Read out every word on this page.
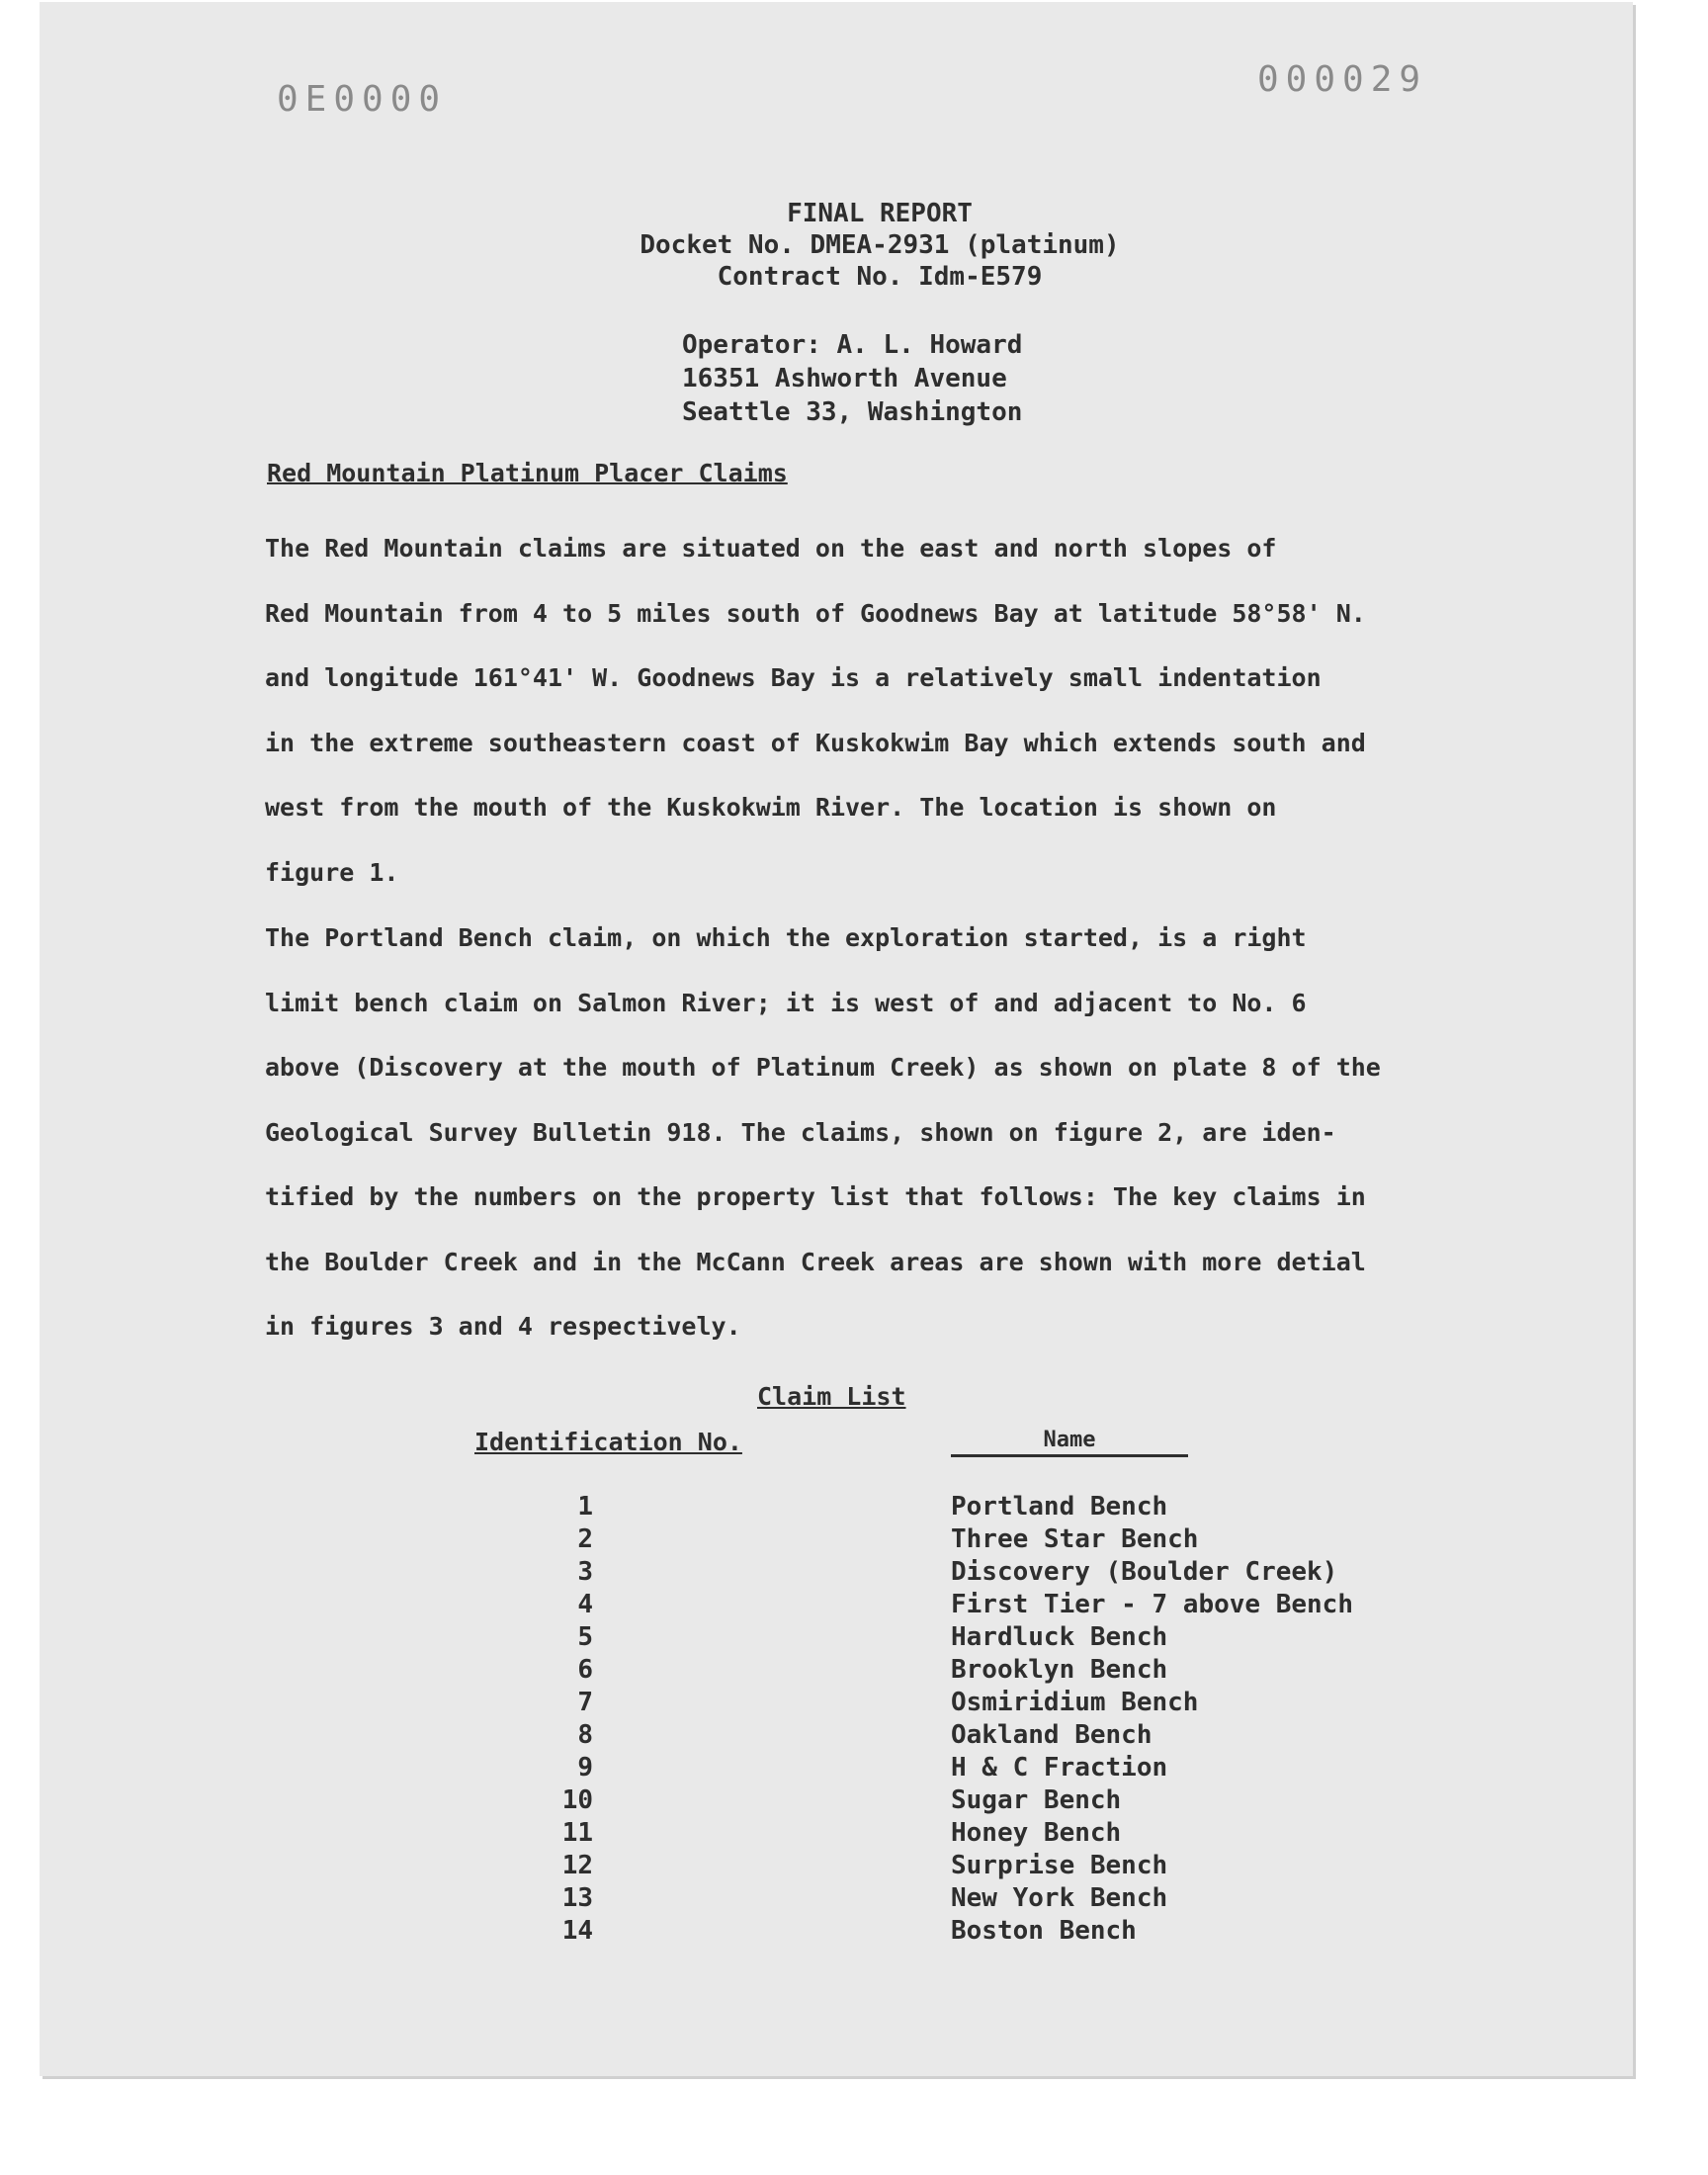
0E0000	000029
FINAL REPORT
Docket No. DMEA-2931 (platinum)
Contract No. Idm-E579
Operator: A. L. Howard
16351 Ashworth Avenue
Seattle 33, Washington
Red Mountain Platinum Placer Claims
The Red Mountain claims are situated on the east and north slopes of
Red Mountain from 4 to 5 miles south of Goodnews Bay at latitude 58°58' N.
and longitude 161°41' W. Goodnews Bay is a relatively small indentation
in the extreme southeastern coast of Kuskokwim Bay which extends south and
west from the mouth of the Kuskokwim River. The location is shown on
figure 1.
The Portland Bench claim, on which the exploration started, is a right
limit bench claim on Salmon River; it is west of and adjacent to No. 6
above (Discovery at the mouth of Platinum Creek) as shown on plate 8 of the
Geological Survey Bulletin 918. The claims, shown on figure 2, are iden-
tified by the numbers on the property list that follows: The key claims in
the Boulder Creek and in the McCann Creek areas are shown with more detial
in figures 3 and 4 respectively.
Claim List
Identification No.	Name
1	Portland Bench
2	Three Star Bench
3	Discovery (Boulder Creek)
4	First Tier - 7 above Bench
5	Hardluck Bench
6	Brooklyn Bench
7	Osmiridium Bench
8	Oakland Bench
9	H & C Fraction
10	Sugar Bench
11	Honey Bench
12	Surprise Bench
13	New York Bench
14	Boston Bench
